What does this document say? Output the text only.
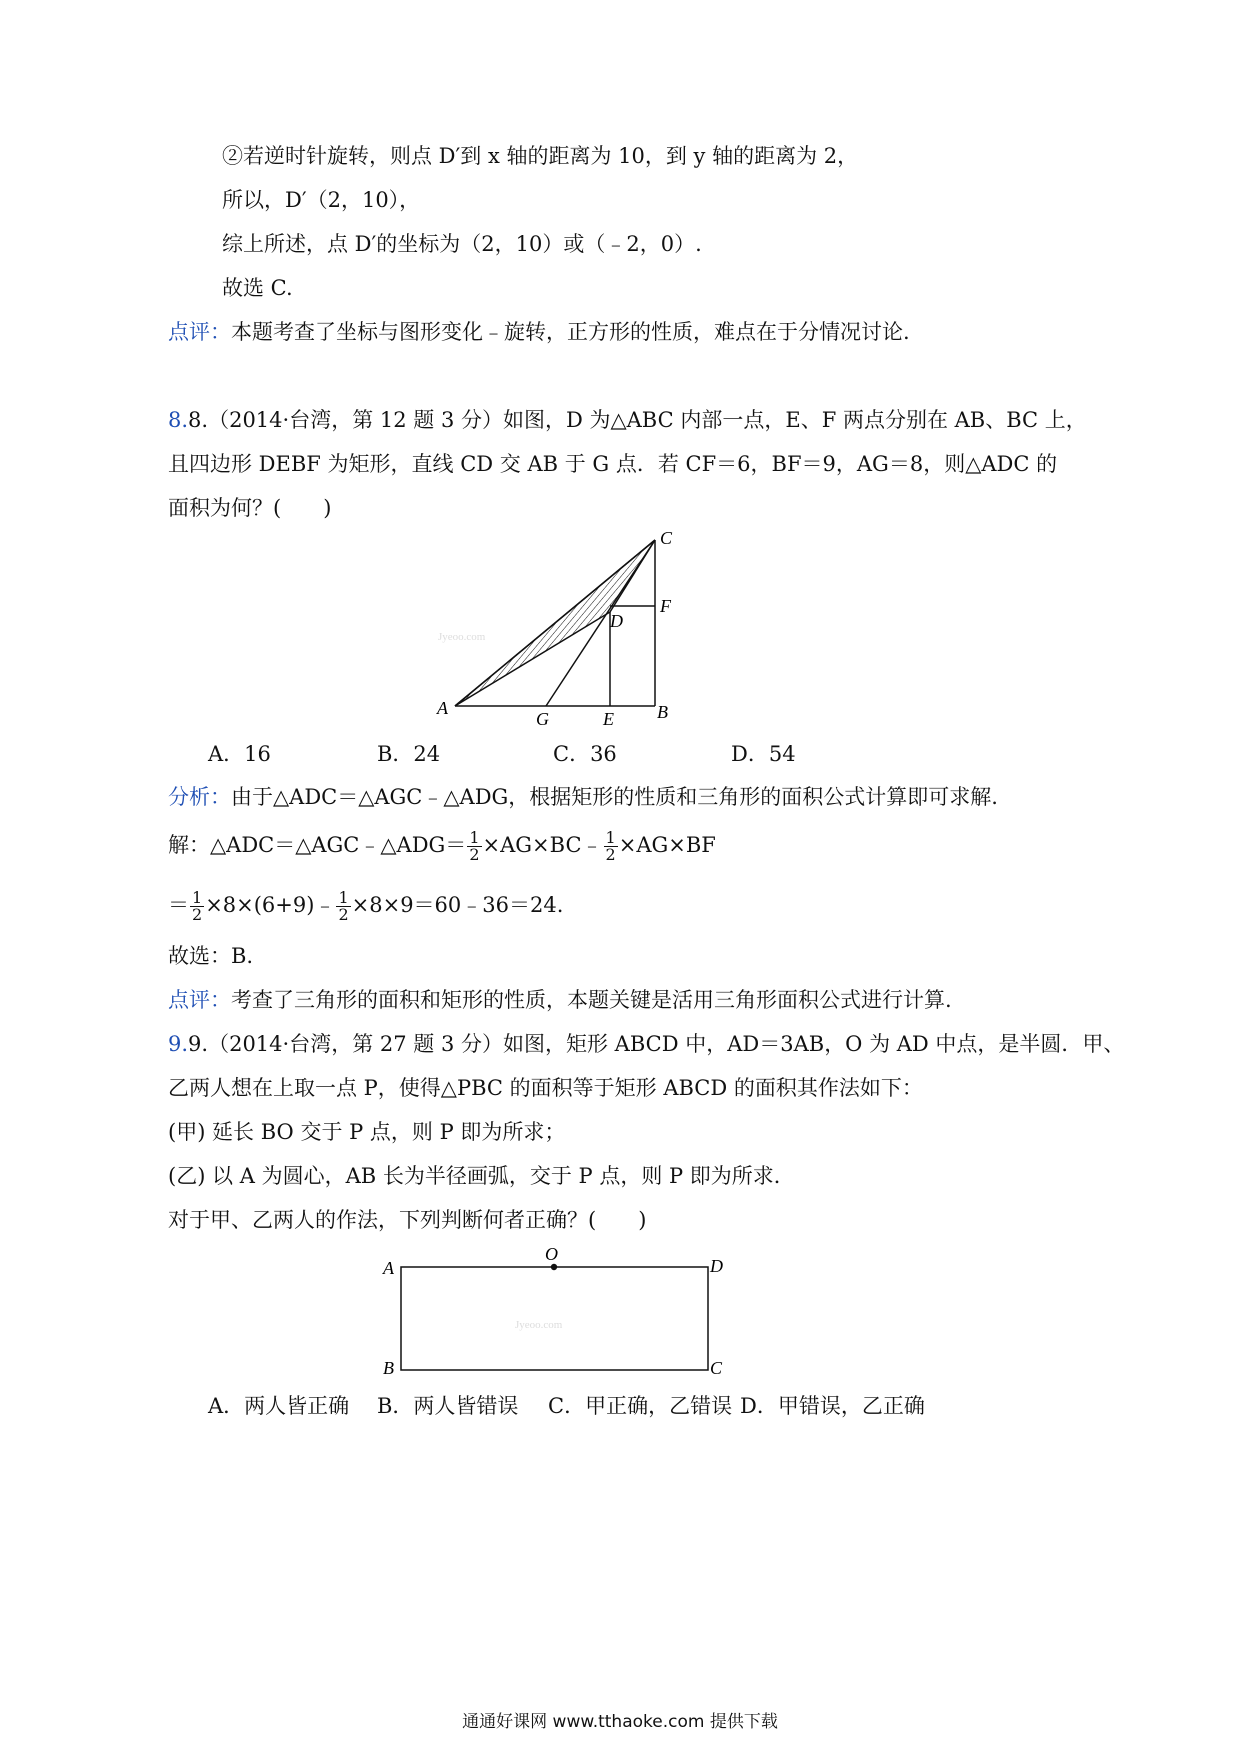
②若逆时针旋转，则点 D′到 x 轴的距离为 10，到 y 轴的距离为 2，
所以，D′（2，10），
综上所述，点 D′的坐标为（2，10）或（﹣2，0）.
故选 C.
点评：本题考查了坐标与图形变化﹣旋转，正方形的性质，难点在于分情况讨论.
8.8.（2014·台湾，第 12 题 3 分）如图，D 为△ABC 内部一点，E、F 两点分别在 AB、BC 上，
且四边形 DEBF 为矩形，直线 CD 交 AB 于 G 点．若 CF＝6，BF＝9，AG＝8，则△ADC 的
面积为何？(　　)
Jyeoo.com
C
F
D
A
G	E B
A．16	B．24	C．36	D．54
分析：由于△ADC＝△AGC﹣△ADG，根据矩形的性质和三角形的面积公式计算即可求解.
解：△ADC＝△AGC﹣△ADG＝ $\frac{1}{2}$ ×AG×BC﹣ $\frac{1}{2} \times AG\times BF$
＝ $\frac{1}{2}$ ×8×(6+9)﹣ $\frac{1}{2}$ ×8×9＝60﹣36＝24.
故选：B.
点评：考查了三角形的面积和矩形的性质，本题关键是活用三角形面积公式进行计算.
9.9.（2014·台湾，第 27 题 3 分）如图，矩形 ABCD 中，AD＝3AB，O 为 AD 中点，是半圆．甲、
乙两人想在上取一点 P，使得△PBC 的面积等于矩形 ABCD 的面积其作法如下：
(甲) 延长 BO 交于 P 点，则 P 即为所求；
(乙) 以 A 为圆心，AB 长为半径画弧，交于 P 点，则 P 即为所求．
对于甲、乙两人的作法，下列判断何者正确？(　　)
Jyeoo.com
A
O
D
B	C
A．两人皆正确 B．两人皆错误 C．甲正确，乙错误 D．甲错误，乙正确
通通好课网 www.tthaoke.com 提供下载
